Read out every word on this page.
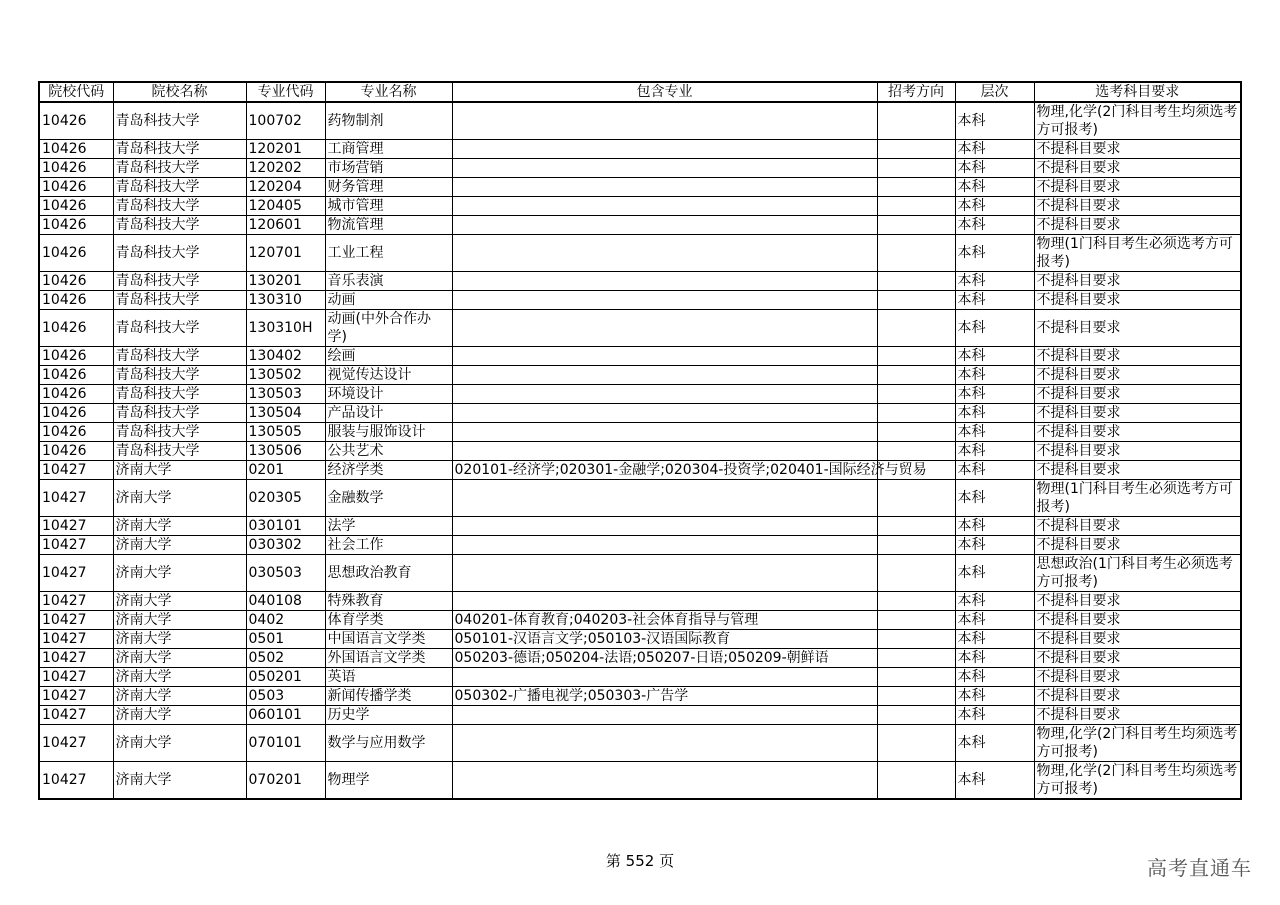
院校代码	院校名称	专业代码	专业名称	包含专业	招考方向	层次	选考科目要求
10426	青岛科技大学	100702	药物制剂			本科	物理,化学(2门科目考生均须选考方可报考)
10426	青岛科技大学	120201	工商管理			本科	不提科目要求
10426	青岛科技大学	120202	市场营销			本科	不提科目要求
10426	青岛科技大学	120204	财务管理			本科	不提科目要求
10426	青岛科技大学	120405	城市管理			本科	不提科目要求
10426	青岛科技大学	120601	物流管理			本科	不提科目要求
10426	青岛科技大学	120701	工业工程			本科	物理(1门科目考生必须选考方可报考)
10426	青岛科技大学	130201	音乐表演			本科	不提科目要求
10426	青岛科技大学	130310	动画			本科	不提科目要求
10426	青岛科技大学	130310H	动画(中外合作办学)			本科	不提科目要求
10426	青岛科技大学	130402	绘画			本科	不提科目要求
10426	青岛科技大学	130502	视觉传达设计			本科	不提科目要求
10426	青岛科技大学	130503	环境设计			本科	不提科目要求
10426	青岛科技大学	130504	产品设计			本科	不提科目要求
10426	青岛科技大学	130505	服装与服饰设计			本科	不提科目要求
10426	青岛科技大学	130506	公共艺术			本科	不提科目要求
10427	济南大学	0201	经济学类	020101-经济学;020301-金融学;020304-投资学;020401-国际经济与贸易		本科	不提科目要求
10427	济南大学	020305	金融数学			本科	物理(1门科目考生必须选考方可报考)
10427	济南大学	030101	法学			本科	不提科目要求
10427	济南大学	030302	社会工作			本科	不提科目要求
10427	济南大学	030503	思想政治教育			本科	思想政治(1门科目考生必须选考方可报考)
10427	济南大学	040108	特殊教育			本科	不提科目要求
10427	济南大学	0402	体育学类	040201-体育教育;040203-社会体育指导与管理		本科	不提科目要求
10427	济南大学	0501	中国语言文学类	050101-汉语言文学;050103-汉语国际教育		本科	不提科目要求
10427	济南大学	0502	外国语言文学类	050203-德语;050204-法语;050207-日语;050209-朝鲜语		本科	不提科目要求
10427	济南大学	050201	英语			本科	不提科目要求
10427	济南大学	0503	新闻传播学类	050302-广播电视学;050303-广告学		本科	不提科目要求
10427	济南大学	060101	历史学			本科	不提科目要求
10427	济南大学	070101	数学与应用数学			本科	物理,化学(2门科目考生均须选考方可报考)
10427	济南大学	070201	物理学			本科	物理,化学(2门科目考生均须选考方可报考)
第 552 页	高考直通车
